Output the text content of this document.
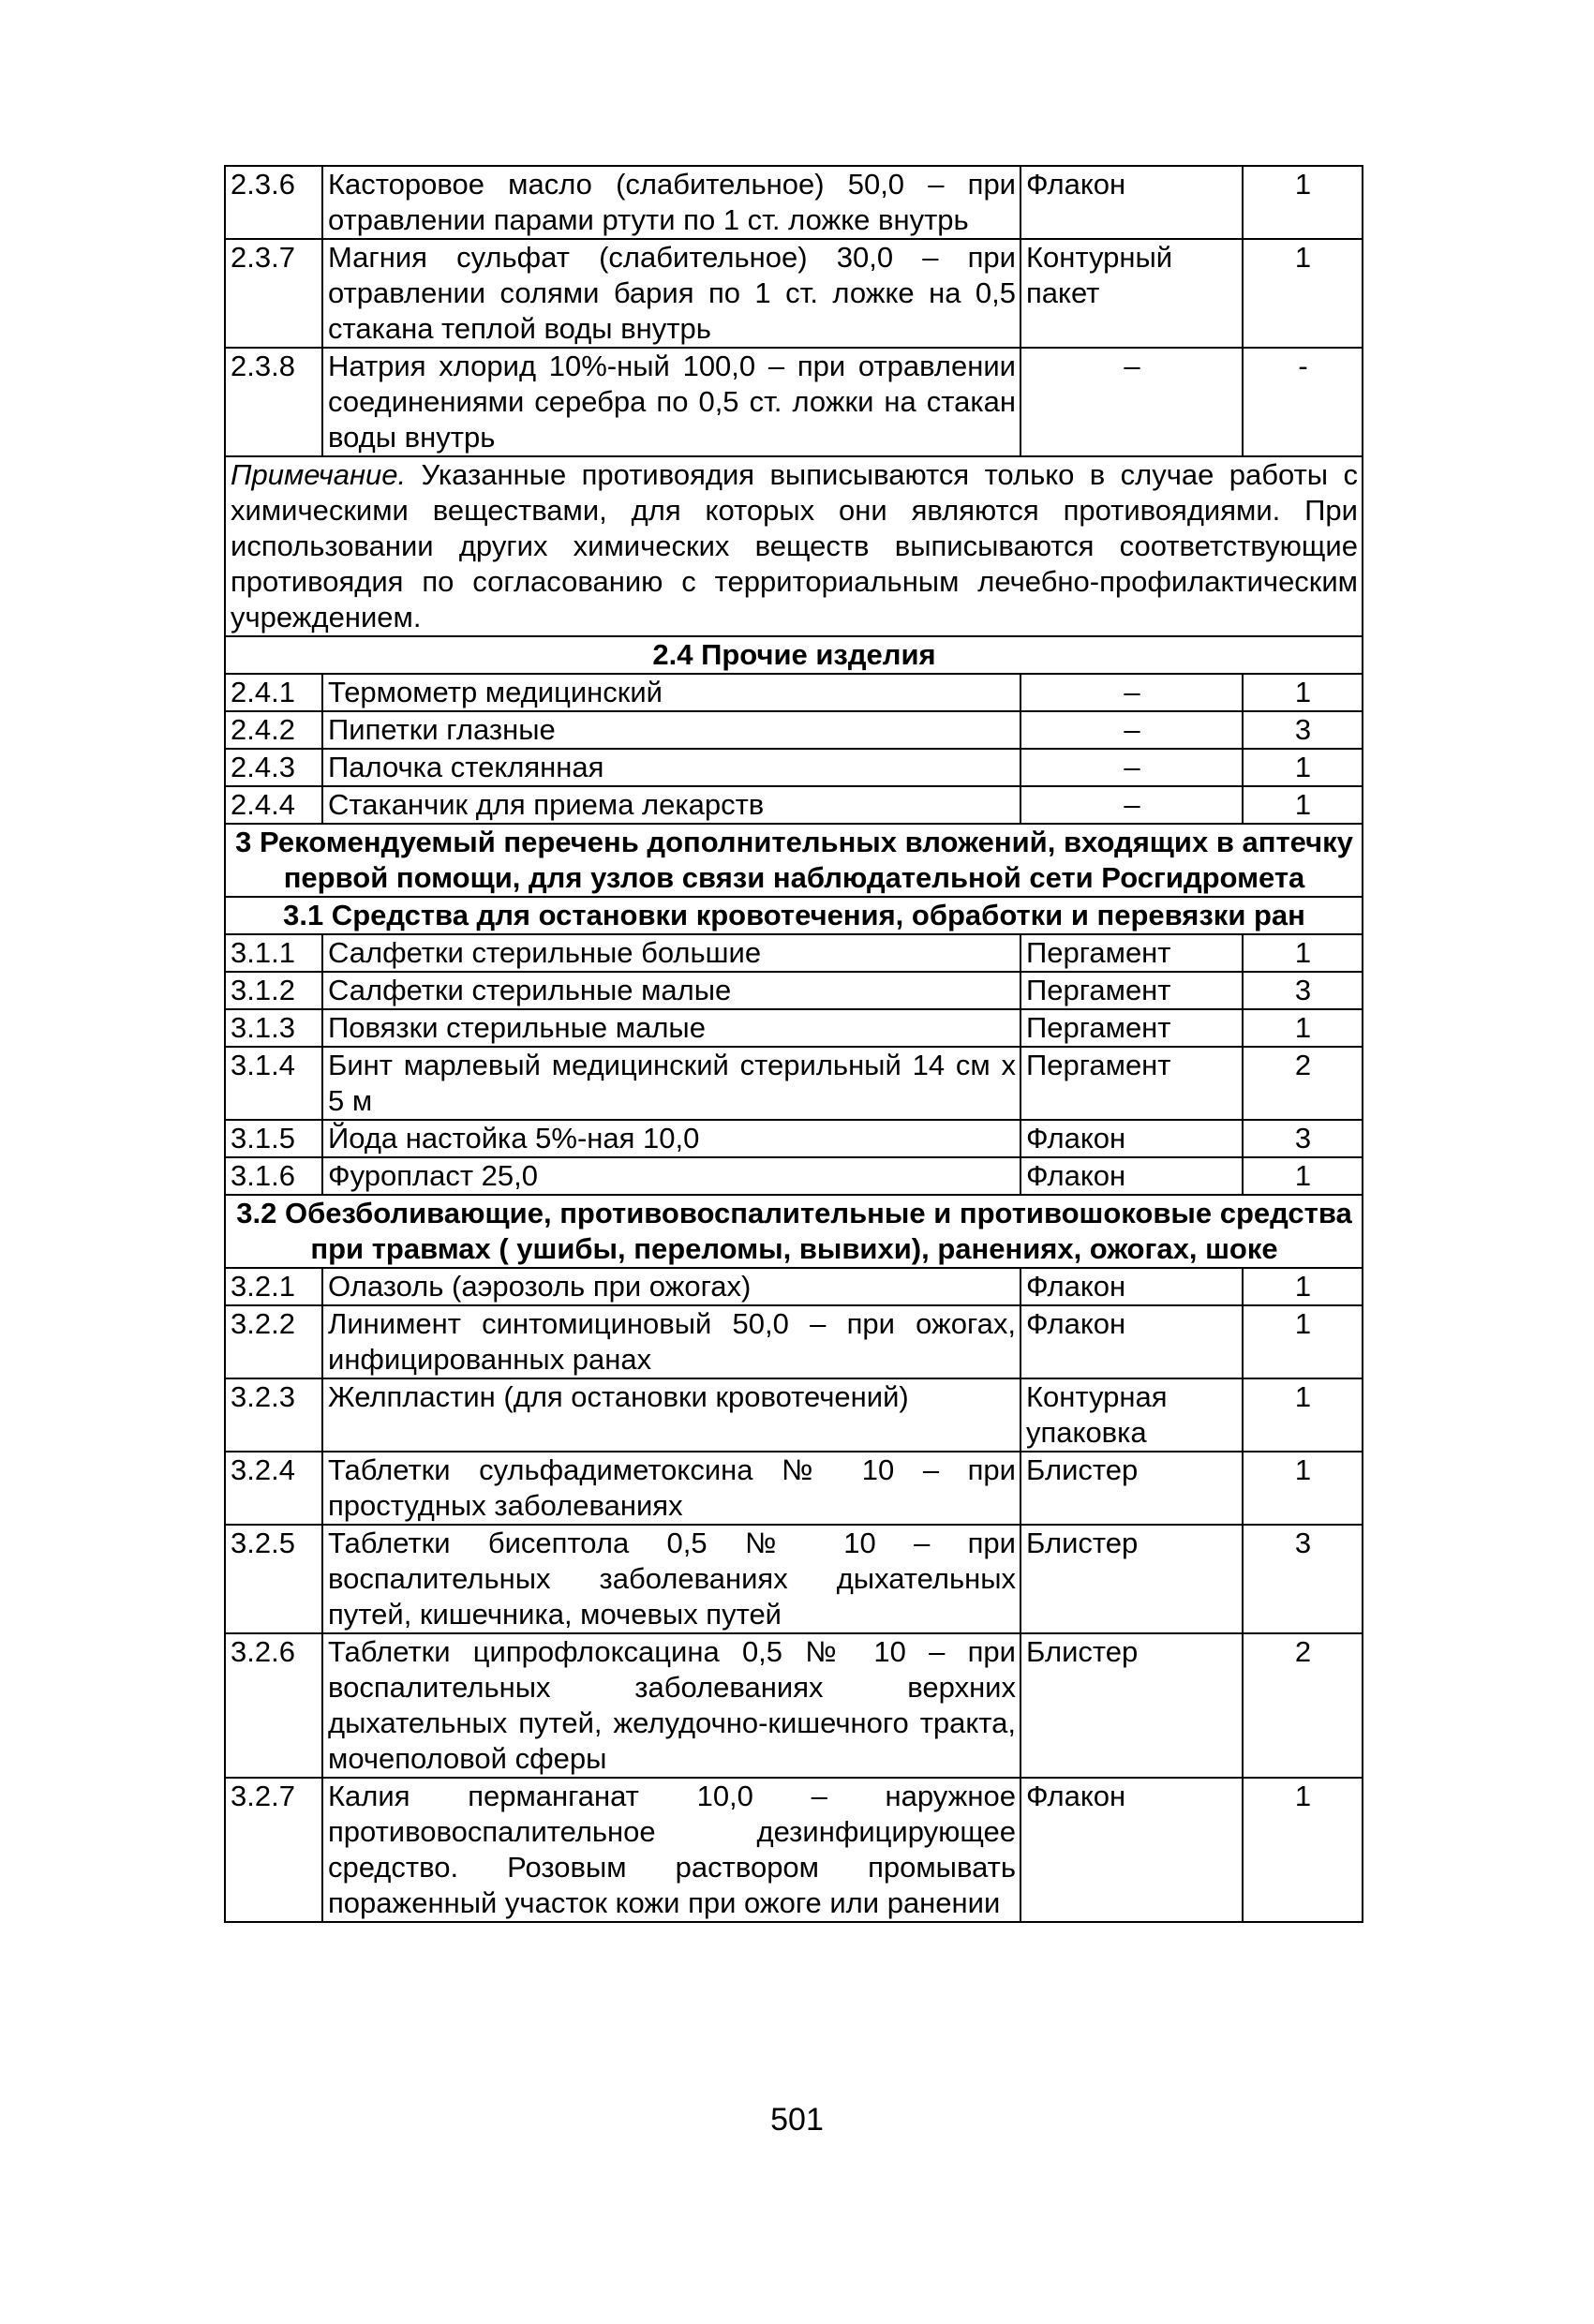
2.3.6	Касторовое масло (слабительное) 50,0 – при отравлении парами ртути по 1 ст. ложке внутрь	Флакон	1
2.3.7	Магния сульфат (слабительное) 30,0 – при отравлении солями бария по 1 ст. ложке на 0,5 стакана теплой воды внутрь	Контурный пакет	1
2.3.8	Натрия хлорид 10%-ный 100,0 – при отравлении соединениями серебра по 0,5 ст. ложки на стакан воды внутрь	–	-
Примечание. Указанные противоядия выписываются только в случае работы с химическими веществами, для которых они являются противоядиями. При использовании других химических веществ выписываются соответствующие противоядия по согласованию с территориальным лечебно-профилактическим учреждением.			
2.4 Прочие изделия			
2.4.1	Термометр медицинский	–	1
2.4.2	Пипетки глазные	–	3
2.4.3	Палочка стеклянная	–	1
2.4.4	Стаканчик для приема лекарств	–	1
3 Рекомендуемый перечень дополнительных вложений, входящих в аптечку первой помощи, для узлов связи наблюдательной сети Росгидромета			
3.1 Средства для остановки кровотечения, обработки и перевязки ран			
3.1.1	Салфетки стерильные большие	Пергамент	1
3.1.2	Салфетки стерильные малые	Пергамент	3
3.1.3	Повязки стерильные малые	Пергамент	1
3.1.4	Бинт марлевый медицинский стерильный 14 см х 5 м	Пергамент	2
3.1.5	Йода настойка 5%-ная 10,0	Флакон	3
3.1.6	Фуропласт 25,0	Флакон	1
3.2 Обезболивающие, противовоспалительные и противошоковые средства при травмах ( ушибы, переломы, вывихи), ранениях, ожогах, шоке			
3.2.1	Олазоль (аэрозоль при ожогах)	Флакон	1
3.2.2	Линимент синтомициновый 50,0 – при ожогах, инфицированных ранах	Флакон	1
3.2.3	Желпластин (для остановки кровотечений)	Контурная упаковка	1
3.2.4	Таблетки сульфадиметоксина № 10 – при простудных заболеваниях	Блистер	1
3.2.5	Таблетки бисептола 0,5 № 10 – при воспалительных заболеваниях дыхательных путей, кишечника, мочевых путей	Блистер	3
3.2.6	Таблетки ципрофлоксацина 0,5 № 10 – при воспалительных заболеваниях верхних дыхательных путей, желудочно-кишечного тракта, мочеполовой сферы	Блистер	2
3.2.7	Калия перманганат 10,0 – наружное противовоспалительное дезинфицирующее средство. Розовым раствором промывать пораженный участок кожи при ожоге или ранении	Флакон	1
501
